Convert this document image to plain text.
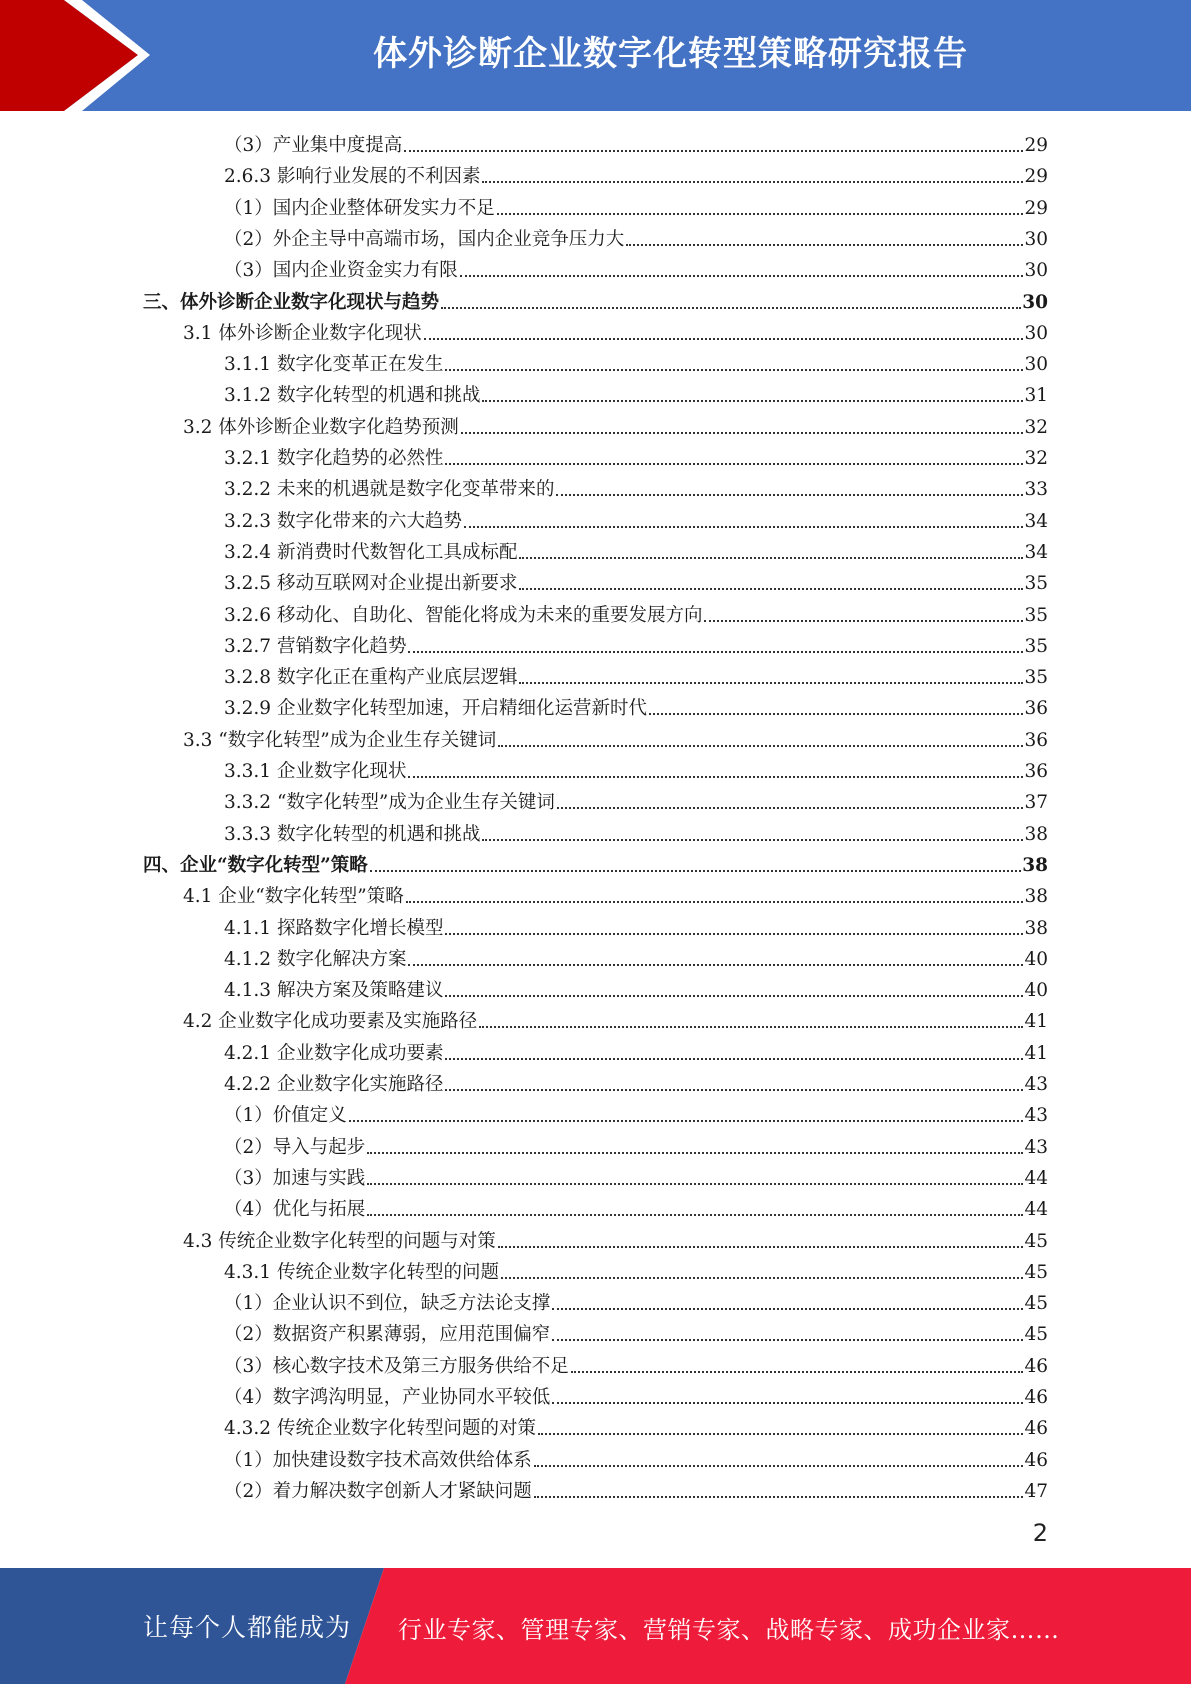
体外诊断企业数字化转型策略研究报告
（3）产业集中度提高	29
2.6.3 影响行业发展的不利因素	29
（1）国内企业整体研发实力不足	29
（2）外企主导中高端市场，国内企业竞争压力大	30
（3）国内企业资金实力有限	30
三、体外诊断企业数字化现状与趋势	30
3.1 体外诊断企业数字化现状	30
3.1.1 数字化变革正在发生	30
3.1.2 数字化转型的机遇和挑战	31
3.2 体外诊断企业数字化趋势预测	32
3.2.1 数字化趋势的必然性	32
3.2.2 未来的机遇就是数字化变革带来的	33
3.2.3 数字化带来的六大趋势	34
3.2.4 新消费时代数智化工具成标配	34
3.2.5 移动互联网对企业提出新要求	35
3.2.6 移动化、自助化、智能化将成为未来的重要发展方向	35
3.2.7 营销数字化趋势	35
3.2.8 数字化正在重构产业底层逻辑	35
3.2.9 企业数字化转型加速，开启精细化运营新时代	36
3.3 “数字化转型”成为企业生存关键词	36
3.3.1 企业数字化现状	36
3.3.2 “数字化转型”成为企业生存关键词	37
3.3.3 数字化转型的机遇和挑战	38
四、企业“数字化转型”策略	38
4.1 企业“数字化转型”策略	38
4.1.1 探路数字化增长模型	38
4.1.2 数字化解决方案	40
4.1.3 解决方案及策略建议	40
4.2 企业数字化成功要素及实施路径	41
4.2.1 企业数字化成功要素	41
4.2.2 企业数字化实施路径	43
（1）价值定义	43
（2）导入与起步	43
（3）加速与实践	44
（4）优化与拓展	44
4.3 传统企业数字化转型的问题与对策	45
4.3.1 传统企业数字化转型的问题	45
（1）企业认识不到位，缺乏方法论支撑	45
（2）数据资产积累薄弱，应用范围偏窄	45
（3）核心数字技术及第三方服务供给不足	46
（4）数字鸿沟明显，产业协同水平较低	46
4.3.2 传统企业数字化转型问题的对策	46
（1）加快建设数字技术高效供给体系	46
（2）着力解决数字创新人才紧缺问题	47
2
让每个人都能成为 行业专家、管理专家、营销专家、战略专家、成功企业家……
